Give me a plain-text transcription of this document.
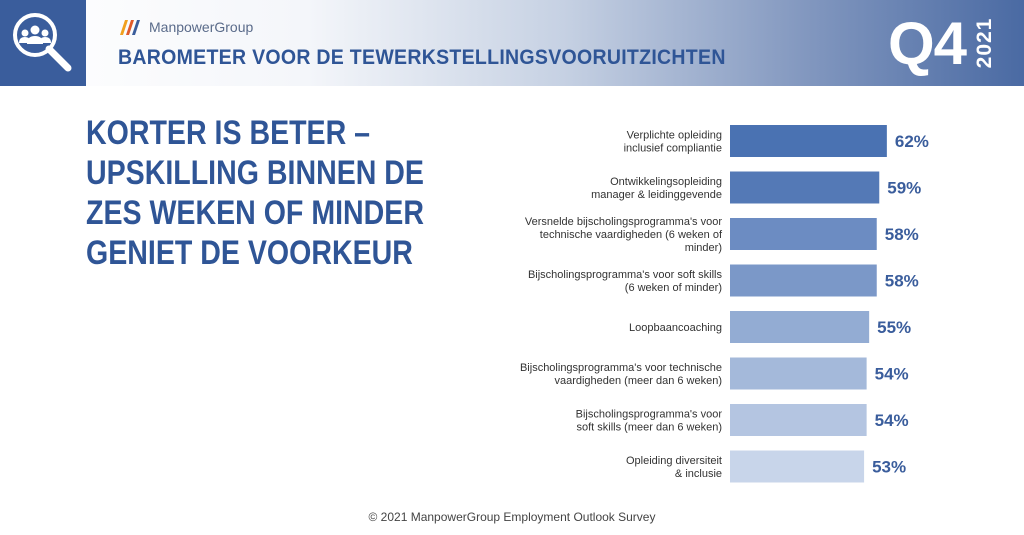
ManpowerGroup
BAROMETER VOOR DE TEWERKSTELLINGSVOORUITZICHTEN	Q4 2021
KORTER IS BETER –
UPSKILLING BINNEN DE
ZES WEKEN OF MINDER
GENIET DE VOORKEUR
62%
Verplichte opleiding inclusief compliantie
59%
Ontwikkelingsopleiding manager & leidinggevende
58%
Versnelde bijscholingsprogramma's voor technische vaardigheden (6 weken of minder)
58%
Bijscholingsprogramma's voor soft skills (6 weken of minder)
55%
Loopbaancoaching
54%
Bijscholingsprogramma's voor technische vaardigheden (meer dan 6 weken)
54%
Bijscholingsprogramma's voor soft skills (meer dan 6 weken)
53%
Opleiding diversiteit & inclusie
© 2021 ManpowerGroup Employment Outlook Survey
